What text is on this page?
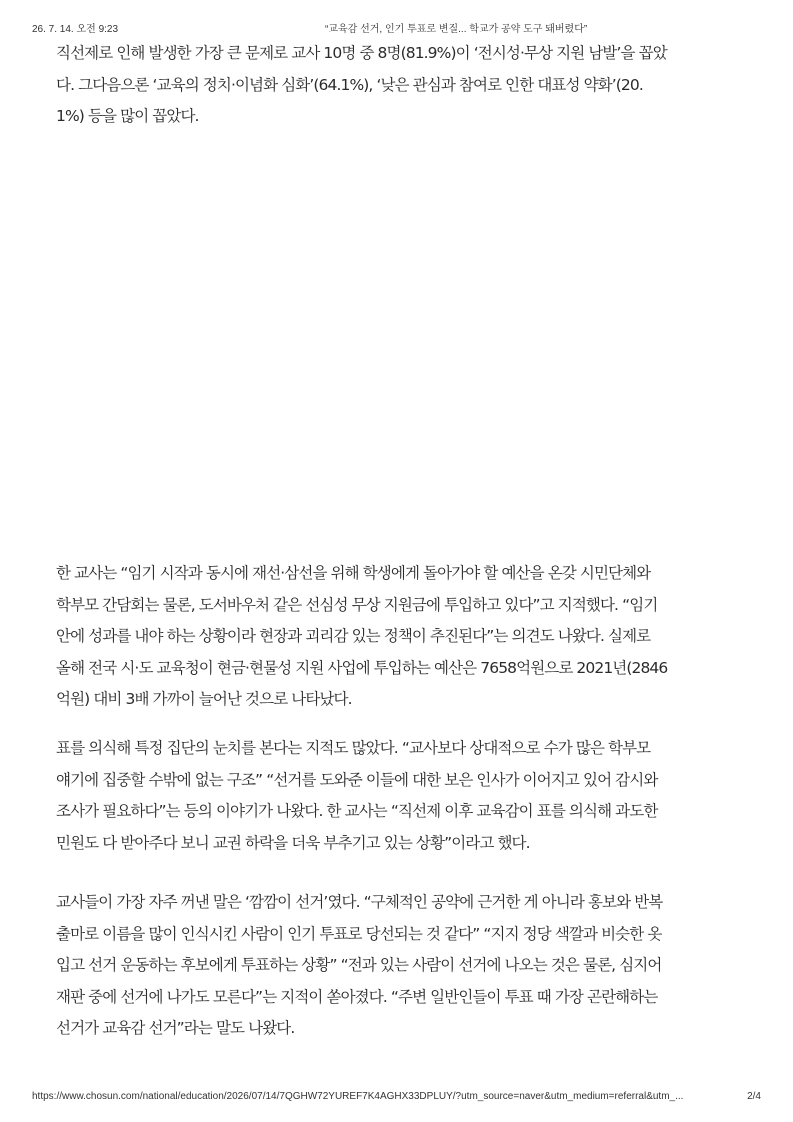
26. 7. 14. 오전 9:23	“교육감 선거, 인기 투표로 변질... 학교가 공약 도구 돼버렸다”
직선제로 인해 발생한 가장 큰 문제로 교사 10명 중 8명(81.9%)이 ‘전시성·무상 지원 남발’을 꼽았
다. 그다음으론 ‘교육의 정치·이념화 심화’(64.1%), ‘낮은 관심과 참여로 인한 대표성 약화’(20.
1%) 등을 많이 꼽았다.
한 교사는 “임기 시작과 동시에 재선·삼선을 위해 학생에게 돌아가야 할 예산을 온갖 시민단체와
학부모 간담회는 물론, 도서바우처 같은 선심성 무상 지원금에 투입하고 있다”고 지적했다. “임기
안에 성과를 내야 하는 상황이라 현장과 괴리감 있는 정책이 추진된다”는 의견도 나왔다. 실제로
올해 전국 시·도 교육청이 현금·현물성 지원 사업에 투입하는 예산은 7658억원으로 2021년(2846
억원) 대비 3배 가까이 늘어난 것으로 나타났다.
표를 의식해 특정 집단의 눈치를 본다는 지적도 많았다. “교사보다 상대적으로 수가 많은 학부모
얘기에 집중할 수밖에 없는 구조” “선거를 도와준 이들에 대한 보은 인사가 이어지고 있어 감시와
조사가 필요하다”는 등의 이야기가 나왔다. 한 교사는 “직선제 이후 교육감이 표를 의식해 과도한
민원도 다 받아주다 보니 교권 하락을 더욱 부추기고 있는 상황”이라고 했다.
교사들이 가장 자주 꺼낸 말은 ‘깜깜이 선거’였다. “구체적인 공약에 근거한 게 아니라 홍보와 반복
출마로 이름을 많이 인식시킨 사람이 인기 투표로 당선되는 것 같다” “지지 정당 색깔과 비슷한 옷
입고 선거 운동하는 후보에게 투표하는 상황” “전과 있는 사람이 선거에 나오는 것은 물론, 심지어
재판 중에 선거에 나가도 모른다”는 지적이 쏟아졌다. “주변 일반인들이 투표 때 가장 곤란해하는
선거가 교육감 선거”라는 말도 나왔다.
https://www.chosun.com/national/education/2026/07/14/7QGHW72YUREF7K4AGHX33DPLUY/?utm_source=naver&utm_medium=referral&utm_...	2/4
